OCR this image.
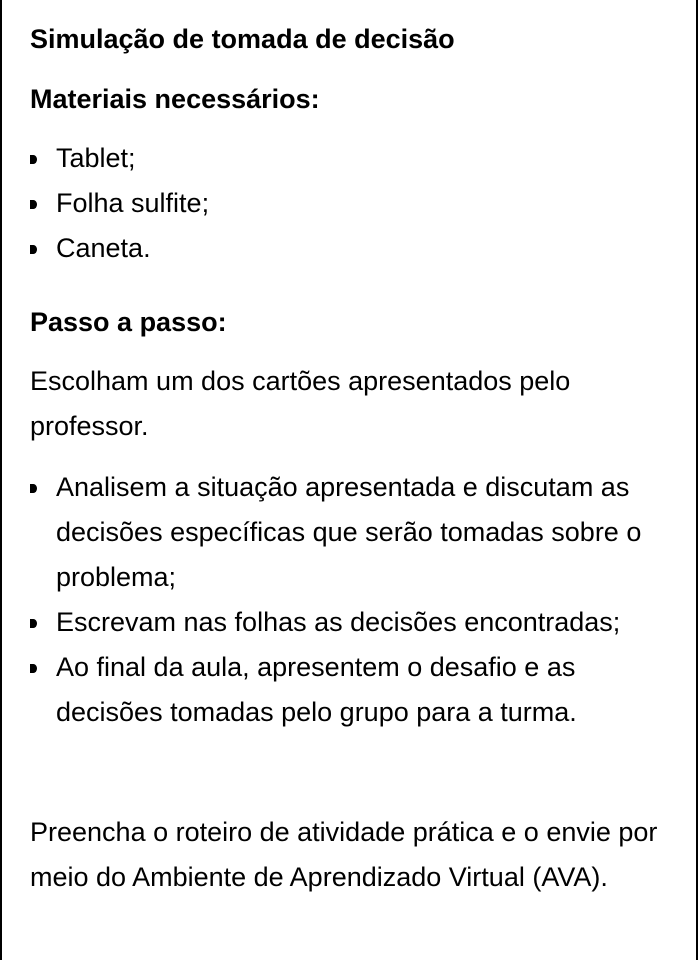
Simulação de tomada de decisão
Materiais necessários:
Tablet;
Folha sulfite;
Caneta.
Passo a passo:

Escolham um dos cartões apresentados pelo professor.

Analisem a situação apresentada e discutam as decisões específicas que serão tomadas sobre o problema;
Escrevam nas folhas as decisões encontradas;
Ao final da aula, apresentem o desafio e as decisões tomadas pelo grupo para a turma.

Preencha o roteiro de atividade prática e o envie por meio do Ambiente de Aprendizado Virtual (AVA).
